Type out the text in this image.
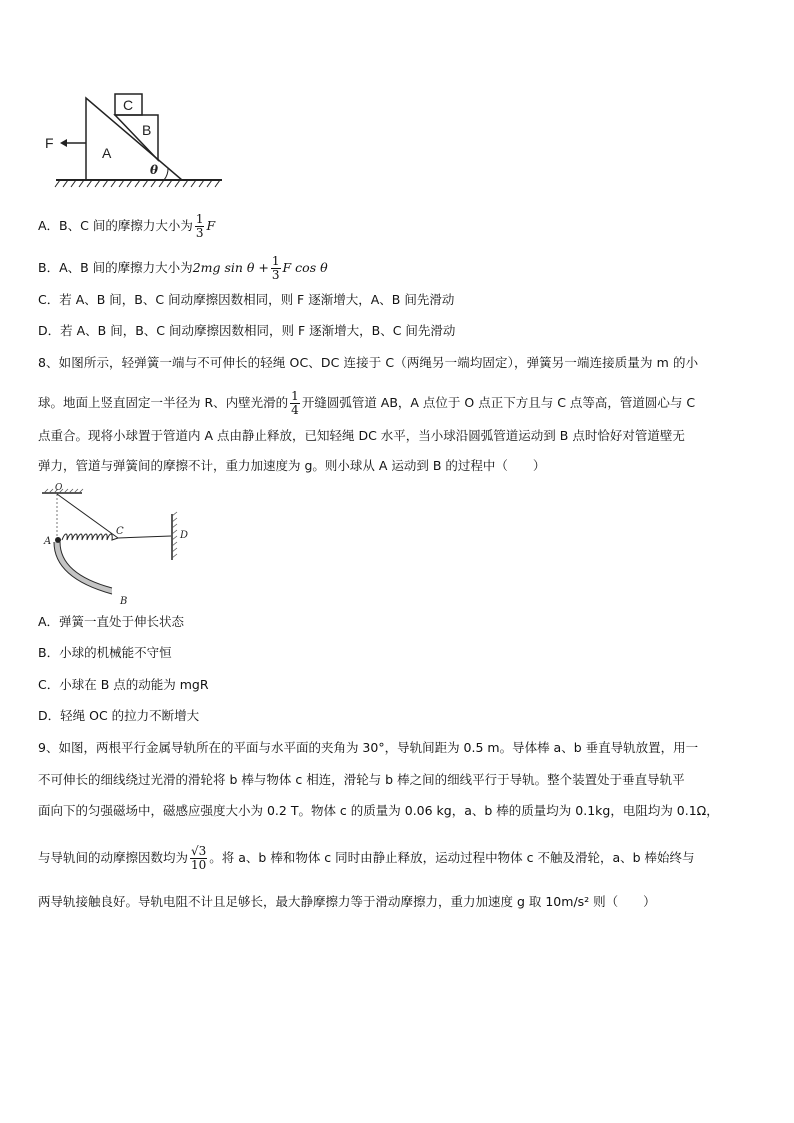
F
A
B
C
θ
A．B、C 间的摩擦力大小为 $\frac{1}{3}$ F
B．A、B 间的摩擦力大小为2mg $\sin \theta + \frac{1}{3}$ F cos θ
C．若 A、B 间，B、C 间动摩擦因数相同，则 F 逐渐增大，A、B 间先滑动
D．若 A、B 间，B、C 间动摩擦因数相同，则 F 逐渐增大，B、C 间先滑动
8、如图所示，轻弹簧一端与不可伸长的轻绳 OC、DC 连接于 C（两绳另一端均固定），弹簧另一端连接质量为 m 的小
球。地面上竖直固定一半径为 R、内壁光滑的 $\frac{1}{4}$ 开缝圆弧管道 AB，A 点位于 O 点正下方且与 C 点等高，管道圆心与 C
点重合。现将小球置于管道内 A 点由静止释放，已知轻绳 DC 水平，当小球沿圆弧管道运动到 B 点时恰好对管道壁无
弹力，管道与弹簧间的摩擦不计，重力加速度为 g。则小球从 A 运动到 B 的过程中（　　）
O
D
C
A
B
A．弹簧一直处于伸长状态
B．小球的机械能不守恒
C．小球在 B 点的动能为 mgR
D．轻绳 OC 的拉力不断增大
9、如图，两根平行金属导轨所在的平面与水平面的夹角为 30°，导轨间距为 0.5 m。导体棒 a、b 垂直导轨放置，用一
不可伸长的细线绕过光滑的滑轮将 b 棒与物体 c 相连，滑轮与 b 棒之间的细线平行于导轨。整个装置处于垂直导轨平
面向下的匀强磁场中，磁感应强度大小为 0.2 T。物体 c 的质量为 0.06 kg，a、b 棒的质量均为 0.1kg，电阻均为 0.1Ω，
与导轨间的动摩擦因数均为 $\frac{√3}{10}$ 。将 a、b 棒和物体 c 同时由静止释放，运动过程中物体 c 不触及滑轮，a、b 棒始终与
两导轨接触良好。导轨电阻不计且足够长，最大静摩擦力等于滑动摩擦力，重力加速度 g 取 10m/s² 则（　　）
